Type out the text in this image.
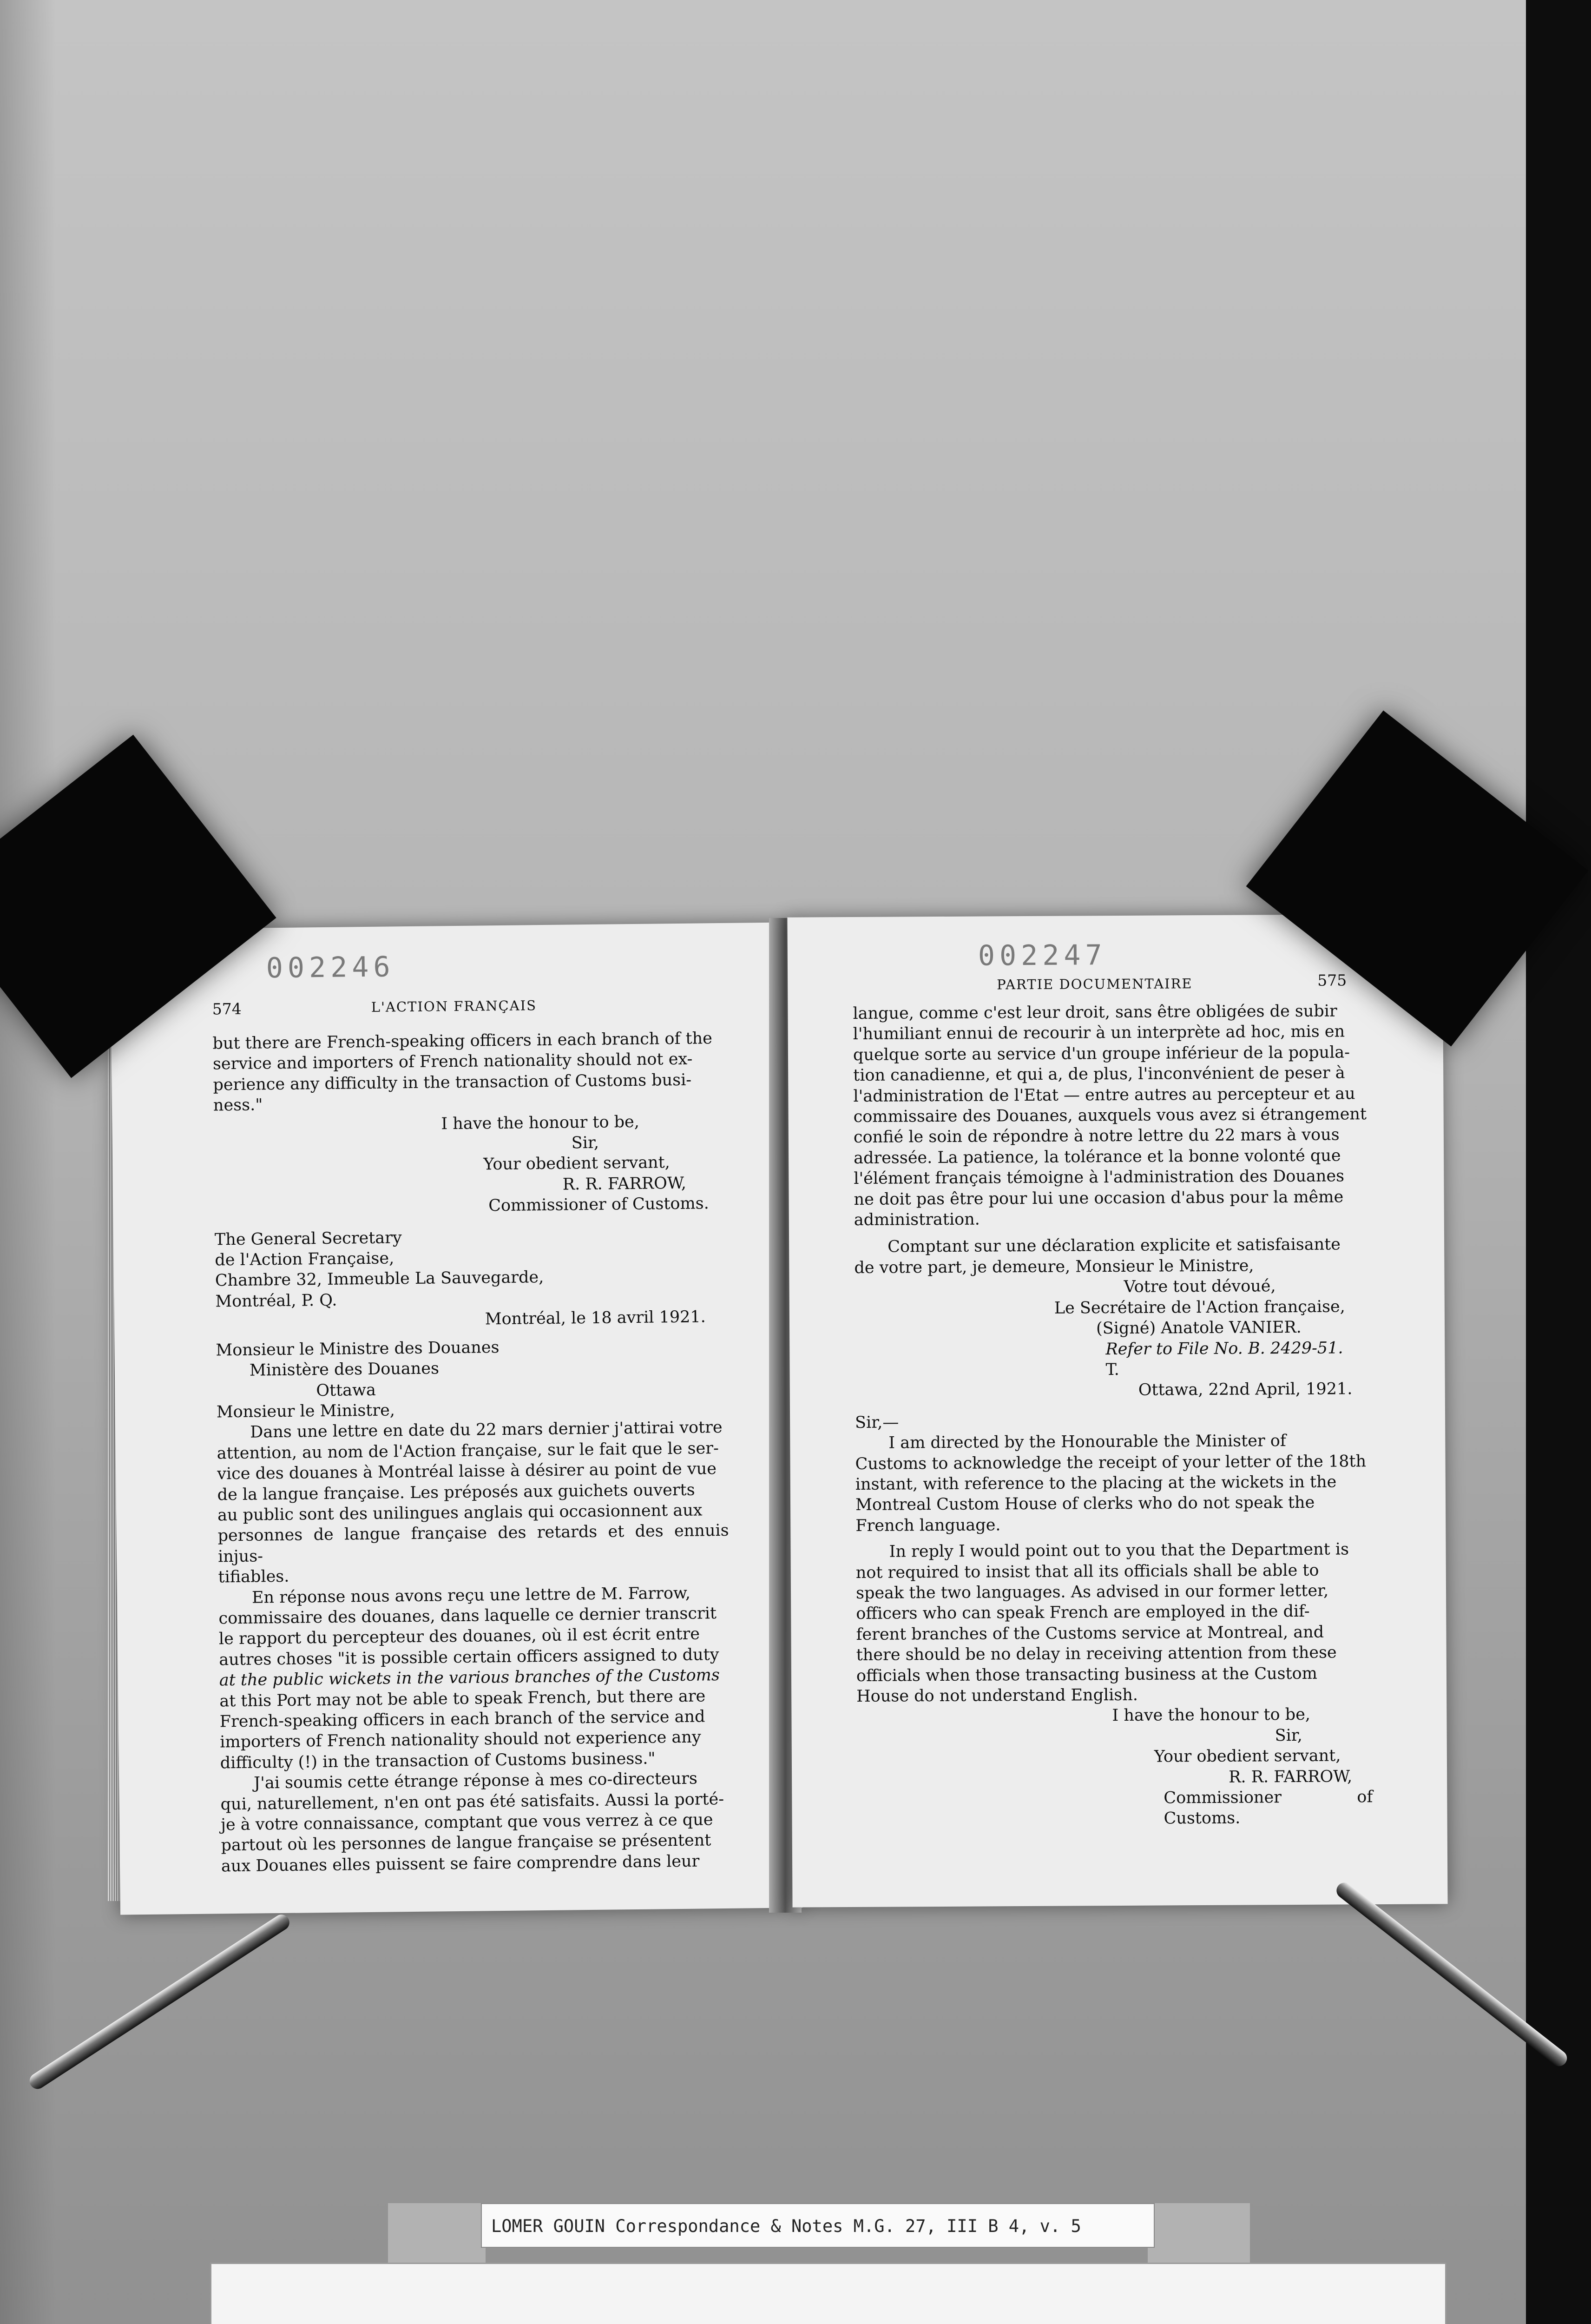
002246
574	L'ACTION FRANÇAIS

but there are French-speaking officers in each branch of the

service and importers of French nationality should not ex-

perience any difficulty in the transaction of Customs busi-

ness."

I have the honour to be,

Sir,

Your obedient servant,

R. R. FARROW,

Commissioner of Customs.

The General Secretary

de l'Action Française,

Chambre 32, Immeuble La Sauvegarde,

Montréal, P. Q.

Montréal, le 18 avril 1921.

Monsieur le Ministre des Douanes

Ministère des Douanes

Ottawa

Monsieur le Ministre,

Dans une lettre en date du 22 mars dernier j'attirai votre

attention, au nom de l'Action française, sur le fait que le ser-

vice des douanes à Montréal laisse à désirer au point de vue

de la langue française. Les préposés aux guichets ouverts

au public sont des unilingues anglais qui occasionnent aux

personnes de langue française des retards et des ennuis injus-

tifiables.

En réponse nous avons reçu une lettre de M. Farrow,

commissaire des douanes, dans laquelle ce dernier transcrit

le rapport du percepteur des douanes, où il est écrit entre

autres choses "it is possible certain officers assigned to duty

at the public wickets in the various branches of the Customs

at this Port may not be able to speak French, but there are

French-speaking officers in each branch of the service and

importers of French nationality should not experience any

difficulty (!) in the transaction of Customs business."

J'ai soumis cette étrange réponse à mes co-directeurs

qui, naturellement, n'en ont pas été satisfaits. Aussi la porté-

je à votre connaissance, comptant que vous verrez à ce que

partout où les personnes de langue française se présentent

aux Douanes elles puissent se faire comprendre dans leur

002247
PARTIE DOCUMENTAIRE	575

langue, comme c'est leur droit, sans être obligées de subir

l'humiliant ennui de recourir à un interprète ad hoc, mis en

quelque sorte au service d'un groupe inférieur de la popula-

tion canadienne, et qui a, de plus, l'inconvénient de peser à

l'administration de l'Etat — entre autres au percepteur et au

commissaire des Douanes, auxquels vous avez si étrangement

confié le soin de répondre à notre lettre du 22 mars à vous

adressée. La patience, la tolérance et la bonne volonté que

l'élément français témoigne à l'administration des Douanes

ne doit pas être pour lui une occasion d'abus pour la même

administration.

Comptant sur une déclaration explicite et satisfaisante

de votre part, je demeure, Monsieur le Ministre,

Votre tout dévoué,

Le Secrétaire de l'Action française,

(Signé) Anatole VANIER.

Refer to File No. B. 2429-51.

T.

Ottawa, 22nd April, 1921.

Sir,—

I am directed by the Honourable the Minister of

Customs to acknowledge the receipt of your letter of the 18th

instant, with reference to the placing at the wickets in the

Montreal Custom House of clerks who do not speak the

French language.

In reply I would point out to you that the Department is

not required to insist that all its officials shall be able to

speak the two languages. As advised in our former letter,

officers who can speak French are employed in the dif-

ferent branches of the Customs service at Montreal, and

there should be no delay in receiving attention from these

officials when those transacting business at the Custom

House do not understand English.

I have the honour to be,

Sir,

Your obedient servant,

R. R. FARROW,

Commissioner of Customs.

LOMER GOUIN Correspondance & Notes M.G. 27, III B 4, v. 5
